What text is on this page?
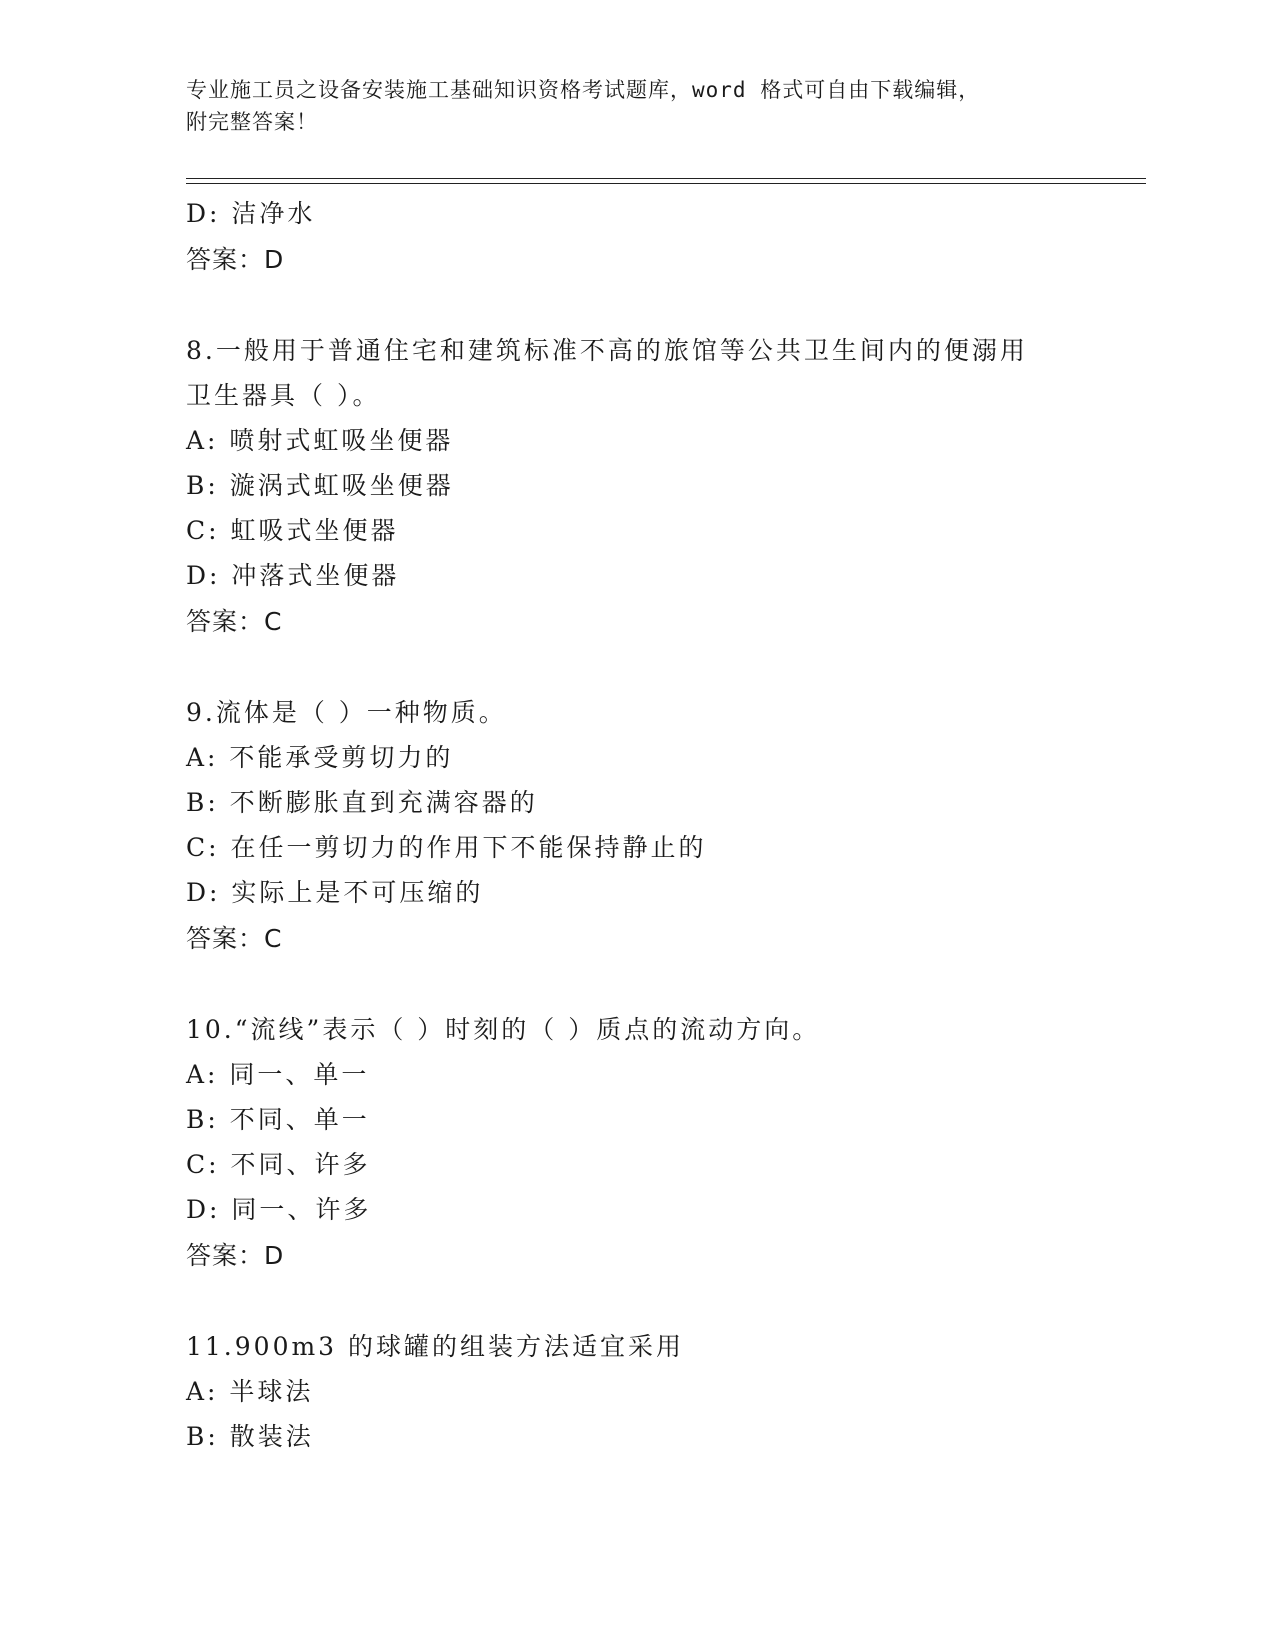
专业施工员之设备安装施工基础知识资格考试题库，word 格式可自由下载编辑，
附完整答案！
D: 洁净水
答案：D
8.一般用于普通住宅和建筑标准不高的旅馆等公共卫生间内的便溺用
卫生器具（ ）。
A: 喷射式虹吸坐便器
B: 漩涡式虹吸坐便器
C: 虹吸式坐便器
D: 冲落式坐便器
答案：C
9.流体是（ ）一种物质。
A: 不能承受剪切力的
B: 不断膨胀直到充满容器的
C: 在任一剪切力的作用下不能保持静止的
D: 实际上是不可压缩的
答案：C
10.“流线”表示（ ）时刻的（ ）质点的流动方向。
A: 同一、单一
B: 不同、单一
C: 不同、许多
D: 同一、许多
答案：D
11.900m3 的球罐的组装方法适宜采用
A: 半球法
B: 散装法
